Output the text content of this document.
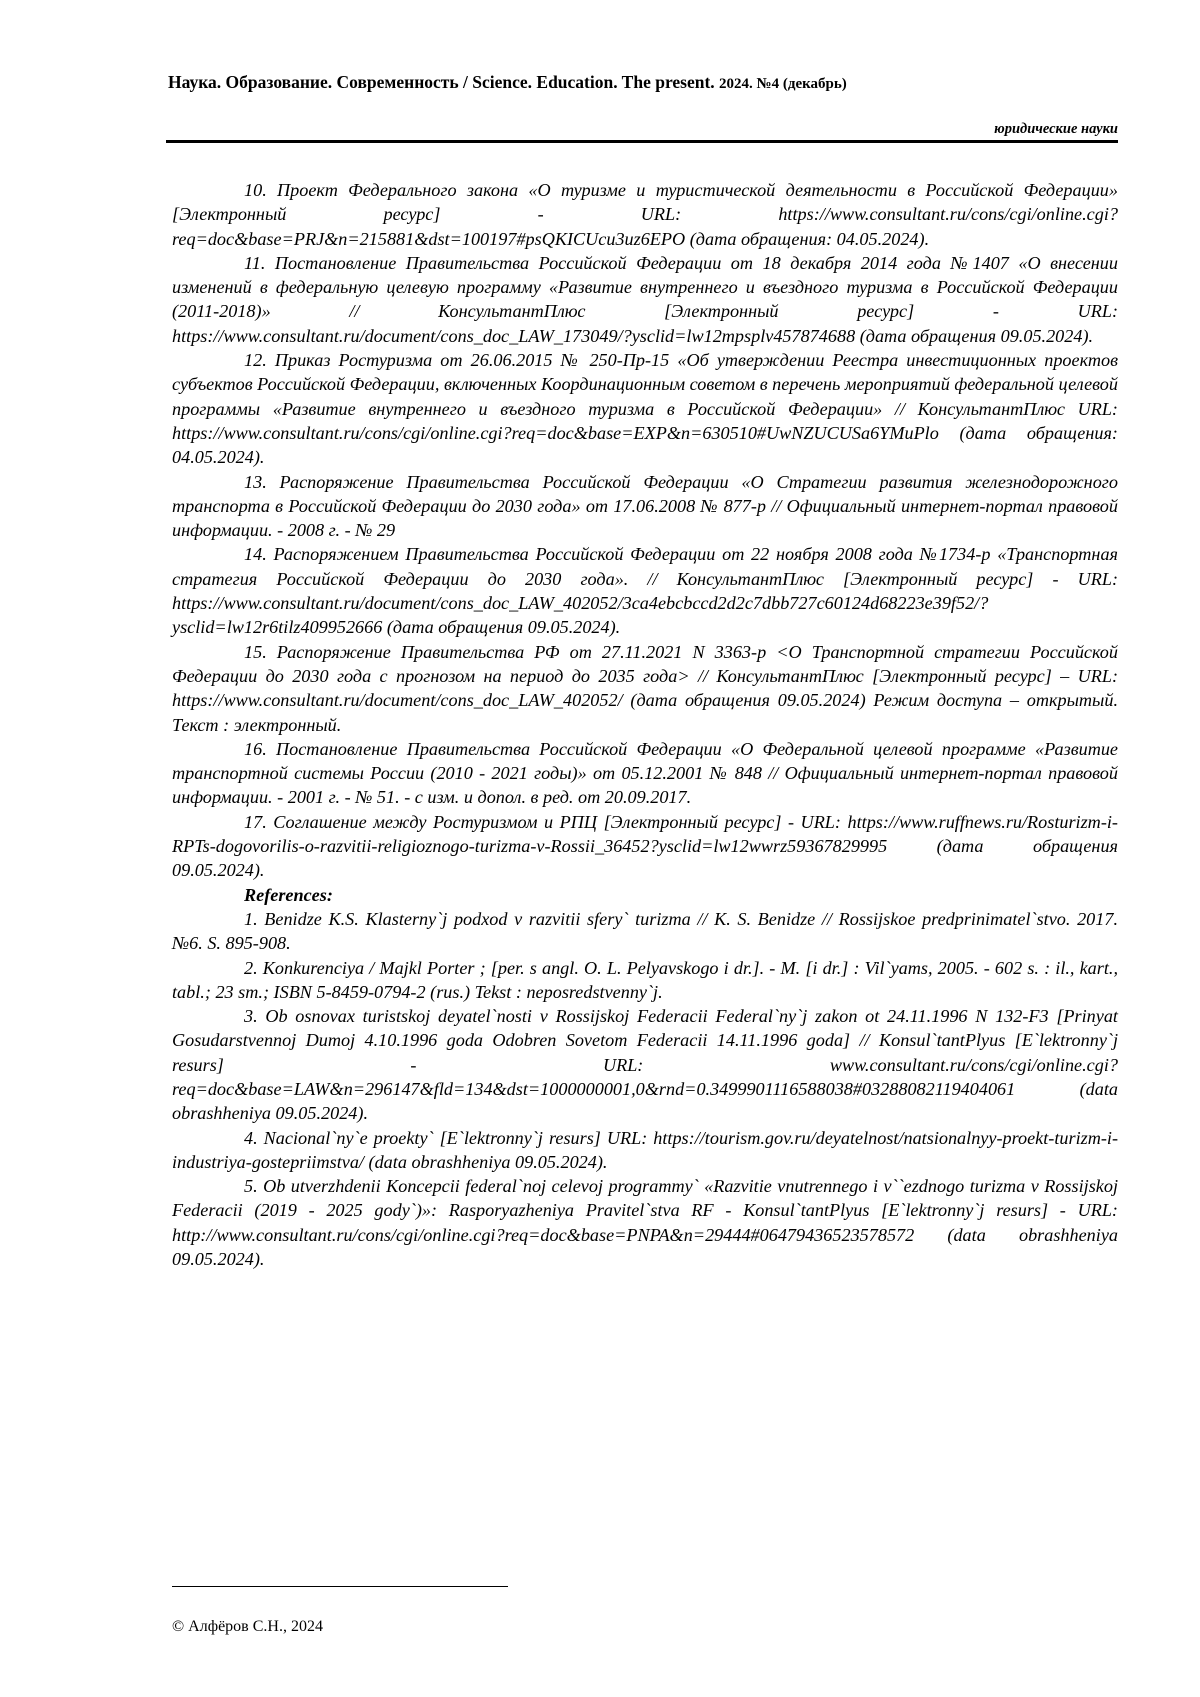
Наука. Образование. Современность / Science. Education. The present. 2024. №4 (декабрь)
юридические науки

10. Проект Федерального закона «О туризме и туристической деятельности в Российской Федерации» [Электронный ресурс] - URL: https://www.consultant.ru/cons/cgi/online.cgi?req=doc&base=PRJ&n=215881&dst=100197#psQKICUcu3uz6EPO (дата обращения: 04.05.2024).

11. Постановление Правительства Российской Федерации от 18 декабря 2014 года №1407 «О внесении изменений в федеральную целевую программу «Развитие внутреннего и въездного туризма в Российской Федерации (2011-2018)» // КонсультантПлюс [Электронный ресурс] - URL: https://www.consultant.ru/document/cons_doc_LAW_173049/?ysclid=lw12mpsplv457874688 (дата обращения 09.05.2024).

12. Приказ Ростуризма от 26.06.2015 № 250-Пр-15 «Об утверждении Реестра инвестиционных проектов субъектов Российской Федерации, включенных Координационным советом в перечень мероприятий федеральной целевой программы «Развитие внутреннего и въездного туризма в Российской Федерации» // КонсультантПлюс URL: https://www.consultant.ru/cons/cgi/online.cgi?req=doc&base=EXP&n=630510#UwNZUCUSa6YMuPlo (дата обращения: 04.05.2024).

13. Распоряжение Правительства Российской Федерации «О Стратегии развития железнодорожного транспорта в Российской Федерации до 2030 года» от 17.06.2008 № 877-р // Официальный интернет-портал правовой информации. - 2008 г. - № 29

14. Распоряжением Правительства Российской Федерации от 22 ноября 2008 года №1734-р «Транспортная стратегия Российской Федерации до 2030 года». // КонсультантПлюс [Электронный ресурс] - URL: https://www.consultant.ru/document/cons_doc_LAW_402052/3ca4ebcbccd2d2c7dbb727c60124d68223e39f52/?ysclid=lw12r6tilz409952666 (дата обращения 09.05.2024).

15. Распоряжение Правительства РФ от 27.11.2021 N 3363-р <О Транспортной стратегии Российской Федерации до 2030 года с прогнозом на период до 2035 года> // КонсультантПлюс [Электронный ресурс] – URL: https://www.consultant.ru/document/cons_doc_LAW_402052/ (дата обращения 09.05.2024) Режим доступа – открытый. Текст : электронный.

16. Постановление Правительства Российской Федерации «О Федеральной целевой программе «Развитие транспортной системы России (2010 - 2021 годы)» от 05.12.2001 № 848 // Официальный интернет-портал правовой информации. - 2001 г. - № 51. - с изм. и допол. в ред. от 20.09.2017.

17. Соглашение между Ростуризмом и РПЦ [Электронный ресурс] - URL: https://www.ruffnews.ru/Rosturizm-i-RPTs-dogovorilis-o-razvitii-religioznogo-turizma-v-Rossii_36452?ysclid=lw12wwrz59367829995 (дата обращения 09.05.2024).

References:

1. Benidze K.S. Klasterny`j podxod v razvitii sfery` turizma // K. S. Benidze // Rossijskoe predprinimatel`stvo. 2017. №6. S. 895-908.

2. Konkurenciya / Majkl Porter ; [per. s angl. O. L. Pelyavskogo i dr.]. - M. [i dr.] : Vil`yams, 2005. - 602 s. : il., kart., tabl.; 23 sm.; ISBN 5-8459-0794-2 (rus.) Tekst : neposredstvenny`j.

3. Ob osnovax turistskoj deyatel`nosti v Rossijskoj Federacii Federal`ny`j zakon ot 24.11.1996 N 132-F3 [Prinyat Gosudarstvennoj Dumoj 4.10.1996 goda Odobren Sovetom Federacii 14.11.1996 goda] // Konsul`tantPlyus [E`lektronny`j resurs] - URL: www.consultant.ru/cons/cgi/online.cgi?req=doc&base=LAW&n=296147&fld=134&dst=1000000001,0&rnd=0.3499901116588038#03288082119404061 (data obrashheniya 09.05.2024).

4. Nacional`ny`e proekty` [E`lektronny`j resurs] URL: https://tourism.gov.ru/deyatelnost/natsionalnyy-proekt-turizm-i-industriya-gostepriimstva/ (data obrashheniya 09.05.2024).

5. Ob utverzhdenii Koncepcii federal`noj celevoj programmy` «Razvitie vnutrennego i v``ezdnogo turizma v Rossijskoj Federacii (2019 - 2025 gody`)»: Rasporyazheniya Pravitel`stva RF - Konsul`tantPlyus [E`lektronny`j resurs] - URL: http://www.consultant.ru/cons/cgi/online.cgi?req=doc&base=PNPA&n=29444#06479436523578572 (data obrashheniya 09.05.2024).

© Алфёров С.Н., 2024
